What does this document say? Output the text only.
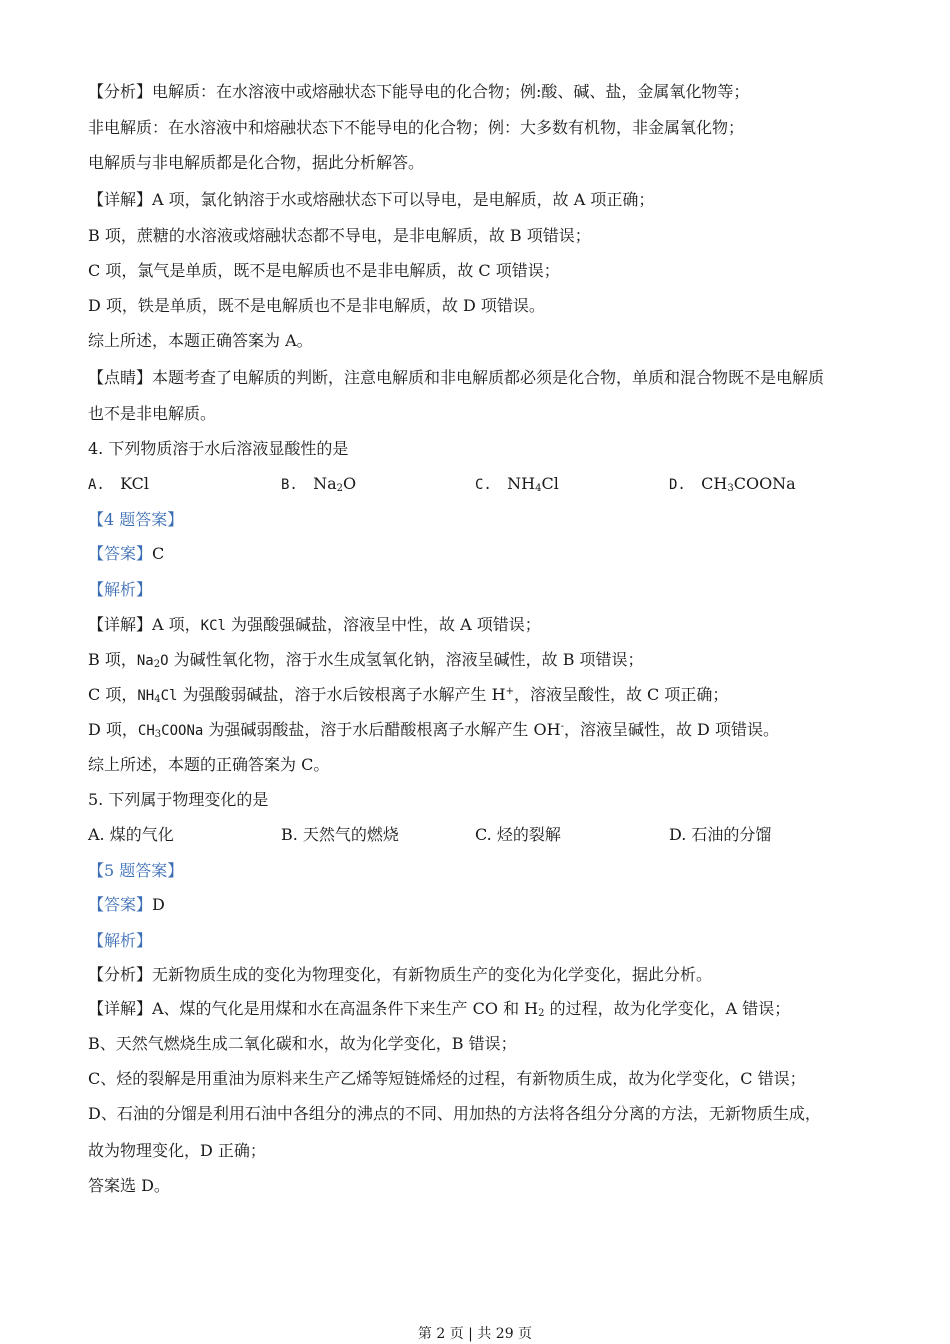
【分析】电解质：在水溶液中或熔融状态下能导电的化合物；例:酸、碱、盐，金属氧化物等；
非电解质：在水溶液中和熔融状态下不能导电的化合物；例：大多数有机物，非金属氧化物；
电解质与非电解质都是化合物，据此分析解答。
【详解】A 项，氯化钠溶于水或熔融状态下可以导电，是电解质，故 A 项正确；
B 项，蔗糖的水溶液或熔融状态都不导电，是非电解质，故 B 项错误；
C 项，氯气是单质，既不是电解质也不是非电解质，故 C 项错误；
D 项，铁是单质，既不是电解质也不是非电解质，故 D 项错误。
综上所述，本题正确答案为 A。
【点睛】本题考查了电解质的判断，注意电解质和非电解质都必须是化合物，单质和混合物既不是电解质
也不是非电解质。
4. 下列物质溶于水后溶液显酸性的是
A. KCl	B. $Na_2O$	C. $NH_4Cl$	D. $CH_3COONa$
【4 题答案】
【答案】C
【解析】
【详解】A 项，KCl 为强酸强碱盐，溶液呈中性，故 A 项错误；
B 项，$Na_2O$ 为碱性氧化物，溶于水生成氢氧化钠，溶液呈碱性，故 B 项错误；
C 项，$NH_4Cl$ 为强酸弱碱盐，溶于水后铵根离子水解产生 H+，溶液呈酸性，故 C 项正确；
D 项，$CH_3COONa$ 为强碱弱酸盐，溶于水后醋酸根离子水解产生 OH-，溶液呈碱性，故 D 项错误。
综上所述，本题的正确答案为 C。
5. 下列属于物理变化的是
A. 煤的气化	B. 天然气的燃烧	C. 烃的裂解	D. 石油的分馏
【5 题答案】
【答案】D
【解析】
【分析】无新物质生成的变化为物理变化，有新物质生产的变化为化学变化，据此分析。
【详解】A、煤的气化是用煤和水在高温条件下来生产 CO 和 $H_2$ 的过程，故为化学变化，A 错误；
B、天然气燃烧生成二氧化碳和水，故为化学变化，B 错误；
C、烃的裂解是用重油为原料来生产乙烯等短链烯烃的过程，有新物质生成，故为化学变化，C 错误；
D、石油的分馏是利用石油中各组分的沸点的不同、用加热的方法将各组分分离的方法，无新物质生成，
故为物理变化，D 正确；
答案选 D。
第 2 页 | 共 29 页
